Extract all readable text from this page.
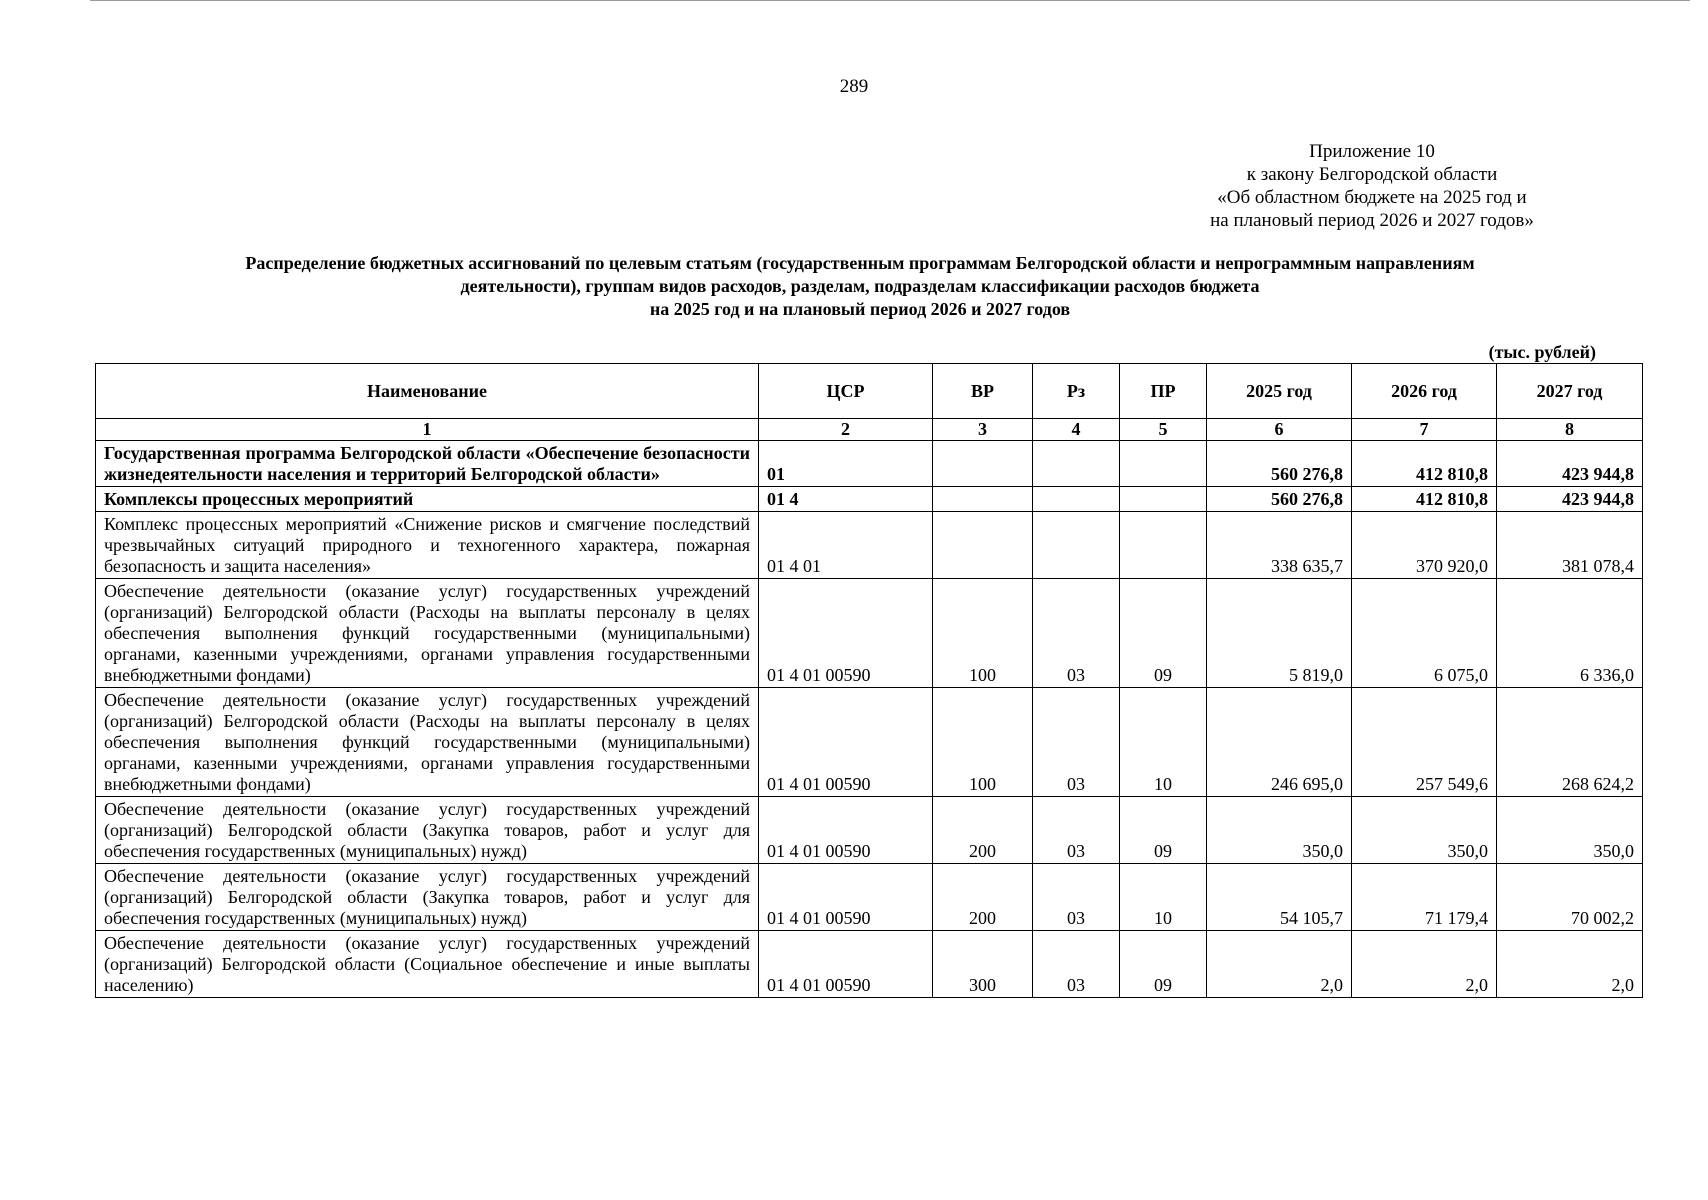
289
Приложение 10
к закону Белгородской области
«Об областном бюджете на 2025 год и
на плановый период 2026 и 2027 годов»
Распределение бюджетных ассигнований по целевым статьям (государственным программам Белгородской области и непрограммным направлениям
деятельности), группам видов расходов, разделам, подразделам классификации расходов бюджета
на 2025 год и на плановый период 2026 и 2027 годов
(тыс. рублей)
Наименование	ЦСР	ВР	Рз	ПР	2025 год	2026 год	2027 год
1	2	3	4	5	6	7	8
Государственная программа Белгородской области «Обеспечение безопасности жизнедеятельности населения и территорий Белгородской области»	01				560 276,8	412 810,8	423 944,8
Комплексы процессных мероприятий	01 4				560 276,8	412 810,8	423 944,8
Комплекс процессных мероприятий «Снижение рисков и смягчение последствий чрезвычайных ситуаций природного и техногенного характера, пожарная безопасность и защита населения»	01 4 01				338 635,7	370 920,0	381 078,4
Обеспечение деятельности (оказание услуг) государственных учреждений (организаций) Белгородской области (Расходы на выплаты персоналу в целях обеспечения выполнения функций государственными (муниципальными) органами, казенными учреждениями, органами управления государственными внебюджетными фондами)	01 4 01 00590	100	03	09	5 819,0	6 075,0	6 336,0
Обеспечение деятельности (оказание услуг) государственных учреждений (организаций) Белгородской области (Расходы на выплаты персоналу в целях обеспечения выполнения функций государственными (муниципальными) органами, казенными учреждениями, органами управления государственными внебюджетными фондами)	01 4 01 00590	100	03	10	246 695,0	257 549,6	268 624,2
Обеспечение деятельности (оказание услуг) государственных учреждений (организаций) Белгородской области (Закупка товаров, работ и услуг для обеспечения государственных (муниципальных) нужд)	01 4 01 00590	200	03	09	350,0	350,0	350,0
Обеспечение деятельности (оказание услуг) государственных учреждений (организаций) Белгородской области (Закупка товаров, работ и услуг для обеспечения государственных (муниципальных) нужд)	01 4 01 00590	200	03	10	54 105,7	71 179,4	70 002,2
Обеспечение деятельности (оказание услуг) государственных учреждений (организаций) Белгородской области (Социальное обеспечение и иные выплаты населению)	01 4 01 00590	300	03	09	2,0	2,0	2,0
